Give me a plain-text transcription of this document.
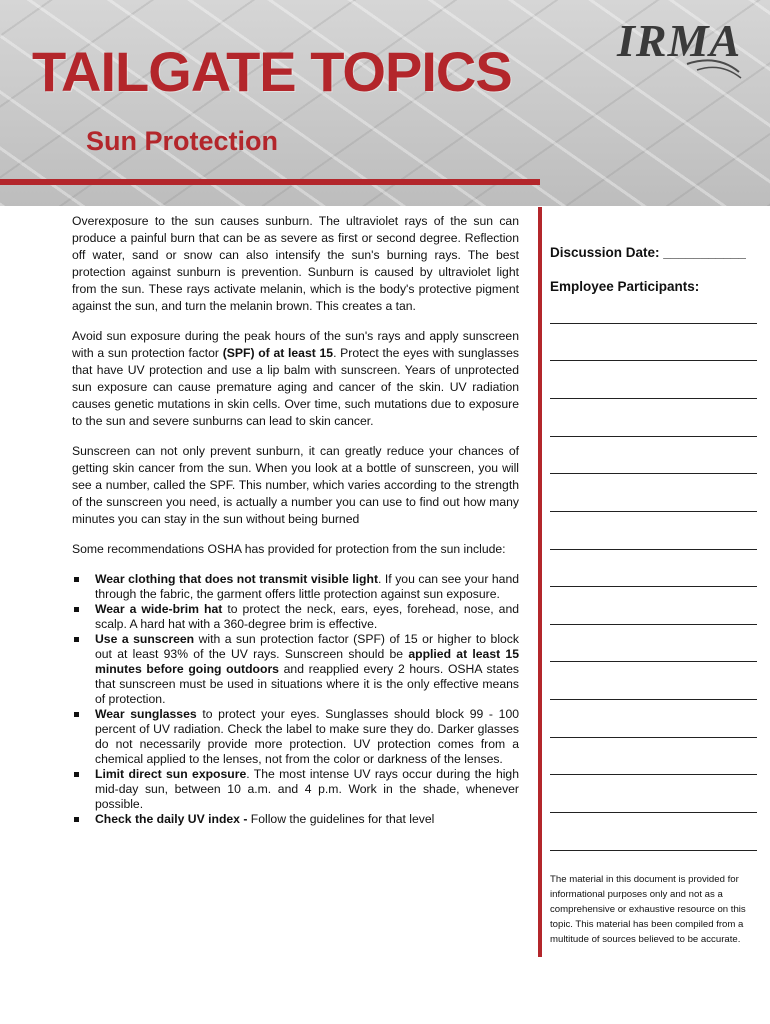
TAILGATE TOPICS
Sun Protection
IRMA

Overexposure to the sun causes sunburn. The ultraviolet rays of the sun can produce a painful burn that can be as severe as first or second degree. Reflection off water, sand or snow can also intensify the sun's burning rays. The best protection against sunburn is prevention. Sunburn is caused by ultraviolet light from the sun. These rays activate melanin, which is the body's protective pigment against the sun, and turn the melanin brown. This creates a tan.

Avoid sun exposure during the peak hours of the sun's rays and apply sunscreen with a sun protection factor (SPF) of at least 15. Protect the eyes with sunglasses that have UV protection and use a lip balm with sunscreen. Years of unprotected sun exposure can cause premature aging and cancer of the skin. UV radiation causes genetic mutations in skin cells. Over time, such mutations due to exposure to the sun and severe sunburns can lead to skin cancer.

Sunscreen can not only prevent sunburn, it can greatly reduce your chances of getting skin cancer from the sun. When you look at a bottle of sunscreen, you will see a number, called the SPF. This number, which varies according to the strength of the sunscreen you need, is actually a number you can use to find out how many minutes you can stay in the sun without being burned

Some recommendations OSHA has provided for protection from the sun include:

Wear clothing that does not transmit visible light. If you can see your hand through the fabric, the garment offers little protection against sun exposure.
Wear a wide-brim hat to protect the neck, ears, eyes, forehead, nose, and scalp. A hard hat with a 360-degree brim is effective.
Use a sunscreen with a sun protection factor (SPF) of 15 or higher to block out at least 93% of the UV rays. Sunscreen should be applied at least 15 minutes before going outdoors and reapplied every 2 hours. OSHA states that sunscreen must be used in situations where it is the only effective means of protection.
Wear sunglasses to protect your eyes. Sunglasses should block 99 - 100 percent of UV radiation. Check the label to make sure they do. Darker glasses do not necessarily provide more protection. UV protection comes from a chemical applied to the lenses, not from the color or darkness of the lenses.
Limit direct sun exposure. The most intense UV rays occur during the high mid-day sun, between 10 a.m. and 4 p.m. Work in the shade, whenever possible.
Check the daily UV index - Follow the guidelines for that level
Discussion Date: ___________
Employee Participants:
The material in this document is provided for informational purposes only and not as a comprehensive or exhaustive resource on this topic. This material has been compiled from a multitude of sources believed to be accurate.
